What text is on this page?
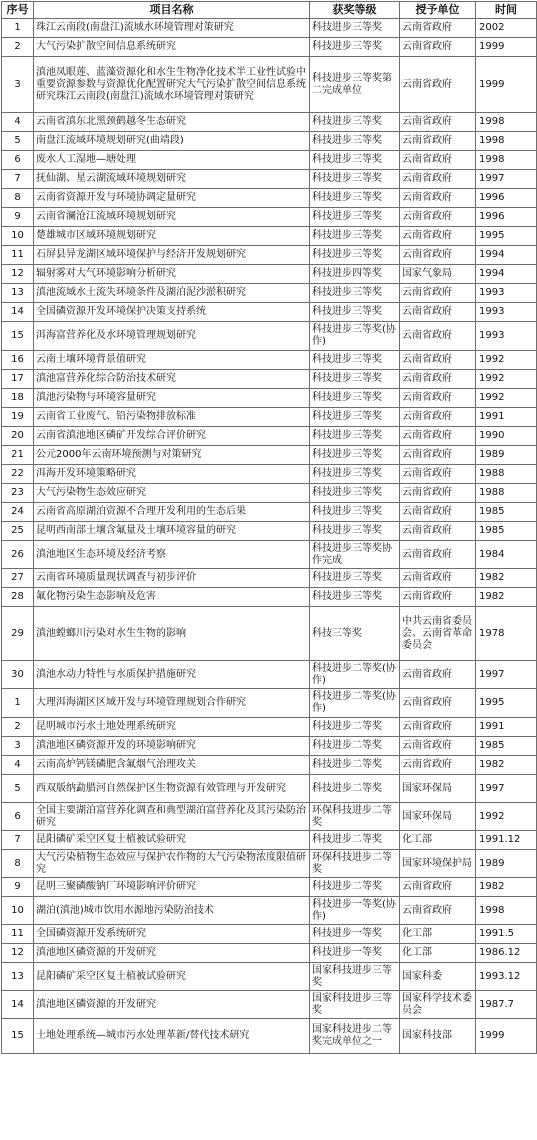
序号	项目名称	获奖等级	授予单位	时间
1	珠江云南段(南盘江)流域水环境管理对策研究	科技进步三等奖	云南省政府	2002
2	大气污染扩散空间信息系统研究	科技进步三等奖	云南省政府	1999
3	滇池凤眼莲、蓝藻资源化和水生生物净化技术半工业性试验中重要资源参数与资源优化配置研究大气污染扩散空间信息系统研究珠江云南段(南盘江)流域水环境管理对策研究	科技进步三等奖第二完成单位	云南省政府	1999
4	云南省滇东北黑颈鹤越冬生态研究	科技进步三等奖	云南省政府	1998
5	南盘江流域环境规划研究(曲靖段)	科技进步三等奖	云南省政府	1998
6	废水人工湿地—塘处理	科技进步三等奖	云南省政府	1998
7	抚仙湖、星云湖流域环境规划研究	科技进步三等奖	云南省政府	1997
8	云南省资源开发与环境协调定量研究	科技进步三等奖	云南省政府	1996
9	云南省澜沧江流域环境规划研究	科技进步三等奖	云南省政府	1996
10	楚雄城市区域环境规划研究	科技进步三等奖	云南省政府	1995
11	石屏县异龙湖区域环境保护与经济开发规划研究	科技进步三等奖	云南省政府	1994
12	辐射雾对大气环境影响分析研究	科技进步四等奖	国家气象局	1994
13	滇池流域水土流失环境条件及湖泊泥沙淤积研究	科技进步三等奖	云南省政府	1993
14	全国磷资源开发环境保护决策支持系统	科技进步三等奖	云南省政府	1993
15	洱海富营养化及水环境管理规划研究	科技进步三等奖(协作)	云南省政府	1993
16	云南土壤环境背景值研究	科技进步三等奖	云南省政府	1992
17	滇池富营养化综合防治技术研究	科技进步三等奖	云南省政府	1992
18	滇池污染物与环境容量研究	科技进步三等奖	云南省政府	1992
19	云南省工业废气、铅污染物排放标准	科技进步三等奖	云南省政府	1991
20	云南省滇池地区磷矿开发综合评价研究	科技进步三等奖	云南省政府	1990
21	公元2000年云南环境预测与对策研究	科技进步三等奖	云南省政府	1989
22	洱海开发环境策略研究	科技进步三等奖	云南省政府	1988
23	大气污染物生态效应研究	科技进步三等奖	云南省政府	1988
24	云南省高原湖泊资源不合理开发利用的生态后果	科技进步三等奖	云南省政府	1985
25	昆明西南部土壤含氟量及土壤环境容量的研究	科技进步三等奖	云南省政府	1985
26	滇池地区生态环境及经济考察	科技进步三等奖协作完成	云南省政府	1984
27	云南省环境质量现状调查与初步评价	科技进步三等奖	云南省政府	1982
28	氟化物污染生态影响及危害	科技进步三等奖	云南省政府	1982
29	滇池螳螂川污染对水生生物的影响	科技三等奖	中共云南省委员会、云南省革命委员会	1978
30	滇池水动力特性与水质保护措施研究	科技进步二等奖(协作)	云南省政府	1997
1	大理洱海湖区区域开发与环境管理规划合作研究	科技进步二等奖(协作)	云南省政府	1995
2	昆明城市污水土地处理系统研究	科技进步二等奖	云南省政府	1991
3	滇池地区磷资源开发的环境影响研究	科技进步二等奖	云南省政府	1985
4	云南高炉钙镁磷肥含氟烟气治理攻关	科技进步二等奖	云南省政府	1982
5	西双版纳勐腊河自然保护区生物资源有效管理与开发研究	科技进步二等奖	国家环保局	1997
6	全国主要湖泊富营养化调查和典型湖泊富营养化及其污染防治研究	环保科技进步二等奖	国家环保局	1992
7	昆阳磷矿采空区复土植被试验研究	科技进步二等奖	化工部	1991.12
8	大气污染植物生态效应与保护农作物的大气污染物浓度限值研究	环保科技进步二等奖	国家环境保护局	1989
9	昆明三聚磷酸钠厂环境影响评价研究	科技进步二等奖	云南省政府	1982
10	湖泊(滇池)城市饮用水源地污染防治技术	科技进步一等奖(协作)	云南省政府	1998
11	全国磷资源开发系统研究	科技进步一等奖	化工部	1991.5
12	滇池地区磷资源的开发研究	科技进步一等奖	化工部	1986.12
13	昆阳磷矿采空区复土植被试验研究	国家科技进步三等奖	国家科委	1993.12
14	滇池地区磷资源的开发研究	国家科技进步三等奖	国家科学技术委员会	1987.7
15	土地处理系统—城市污水处理革新/替代技术研究	国家科技进步二等奖完成单位之一	国家科技部	1999
